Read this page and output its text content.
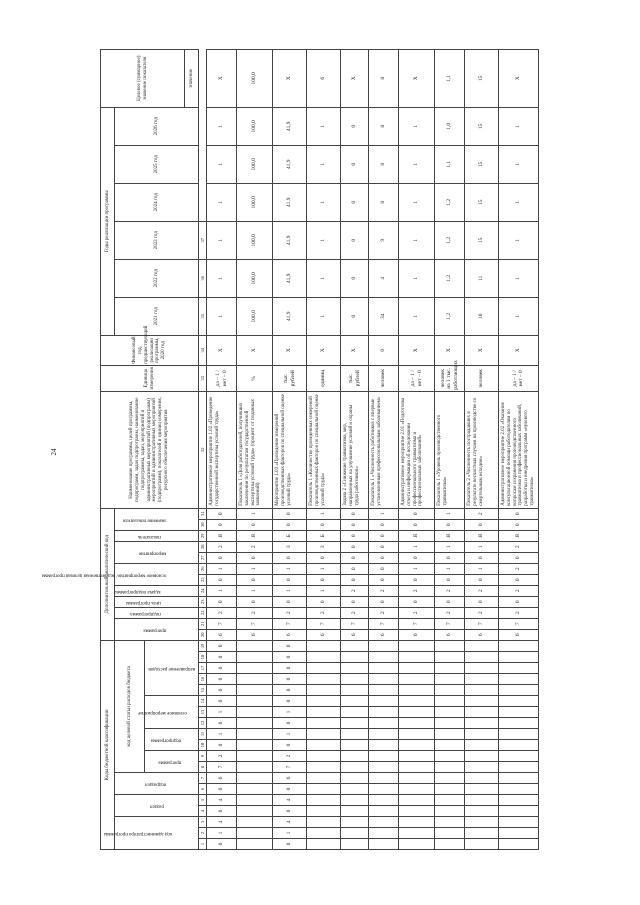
24
Коды бюджетной классификации																			Дополнительный аналитический код												Наименование программы, целей программы, подпрограмм, задач подпрограмм, наименование подпрограммы, задач, мероприятий и административных мероприятий (подпрограмм) мероприятий и административных мероприятий (подпрограмм), показателей и единиц измерения, ресурсного обеспечения мероприятия	Единица измерения	Финансовый год, предшествующий реализации программы, 2020 год	Годы реализации программы						Целевое (суммарное) значение показателя

код администратора программы			раздел		подраздел		код целевой статьи расходов бюджета												программа		подпрограмма	цель программы	задача подпрограммы	основное мероприятие/ ведомственная целевая программа		мероприятие		показатель	значение показателя					2021 год	2022 год	2023 год	2024 год	2025 год	2026 год	

							программа		подпрограмма		основное мероприятие			направление расходов																										

																																								значение
1	2	3	4	5	6	7	8	9	10	11	12	13	14	15	16	17	18	19	20	21	22	23	24	25	26	27	28	29	30	31	32	33	34	35	36	37				
0	1	4	0	4	0	6	7	2	0	1	0	1	0	0	0	0	0	0	6	7	2	0	1	0	1	0	2	Я	0	0	Административное мероприятие 1.02 «Проведение государственной экспертизы условий труда»	да – 1 / нет – 0	Х	1	1	1	1	1	1	Х
																			6	7	2	0	1	0	1	0	2	Я	0	1	Показатель 1 «Доля работодателей, получивших заключения по результатам государственной экспертизы условий труда» (процент от поданных заявлений)	%	Х	100,0	100,0	100,0	100,0	100,0	100,0	100,0
0	1	4	0	4	0	6	7	2	0	1	0	1	0	0	0	0	0	0	6	7	2	0	1	0	1	0	3	Б	0	0	Мероприятие 1.03 «Проведение измерений производственных факторов по специальной оценке условий труда»	тыс. рублей	Х	41,9	41,9	41,9	41,9	41,9	41,9	Х
																			6	7	2	0	1	0	1	0	3	Б	0	1	Показатель 1 «Количество проведенных измерений производственных факторов по специальной оценке условий труда»	единиц	Х	1	1	1	1	1	1	6
																			6	7	2	0	2	0	0	0	0	0	0	0	Задача 2 «Снижение травматизма, мер, направленных на улучшение условий и охраны труда работников»	тыс. рублей	Х	0	0	0	0	0	0	Х
																			6	7	2	0	2	0	0	0	0	0	0	1	Показатель 1 «Численность работников с впервые установленным профессиональным заболеванием»	человек	0	34	4	9	8	8	8	8
																			6	7	2	0	2	0	1	0	1	Я	0	0	Административное мероприятие 2.01 «Подготовка отчета и информации об исследовании профессионального травматизма и профессиональных заболеваний»	да – 1 / нет – 0	Х	1	1	1	1	1	1	Х
																			6	7	2	0	2	0	1	0	1	Я	0	1	Показатель 1 «Уровень производственного травматизма»	человек на 1 тыс. работающих	Х	1,2	1,2	1,2	1,2	1,1	1,0	1,1
																			6	7	2	0	2	0	1	0	1	Я	0	2	Показатель 2 «Численность пострадавших в результате несчастных случаев на производстве со смертельным исходом»	человек	Х	10	11	15	15	15	15	15
																			6	7	2	0	2	0	2	0	2	Я	0	0	Административное мероприятие 2.02 «Оказание консультационной помощи работодателям по вопросам сохранения производственного травматизма и профессиональных заболеваний, разработки и внедрения программ «нулевого травматизма»	да – 1 / нет – 0	Х	1	1	1	1	1	1	Х
